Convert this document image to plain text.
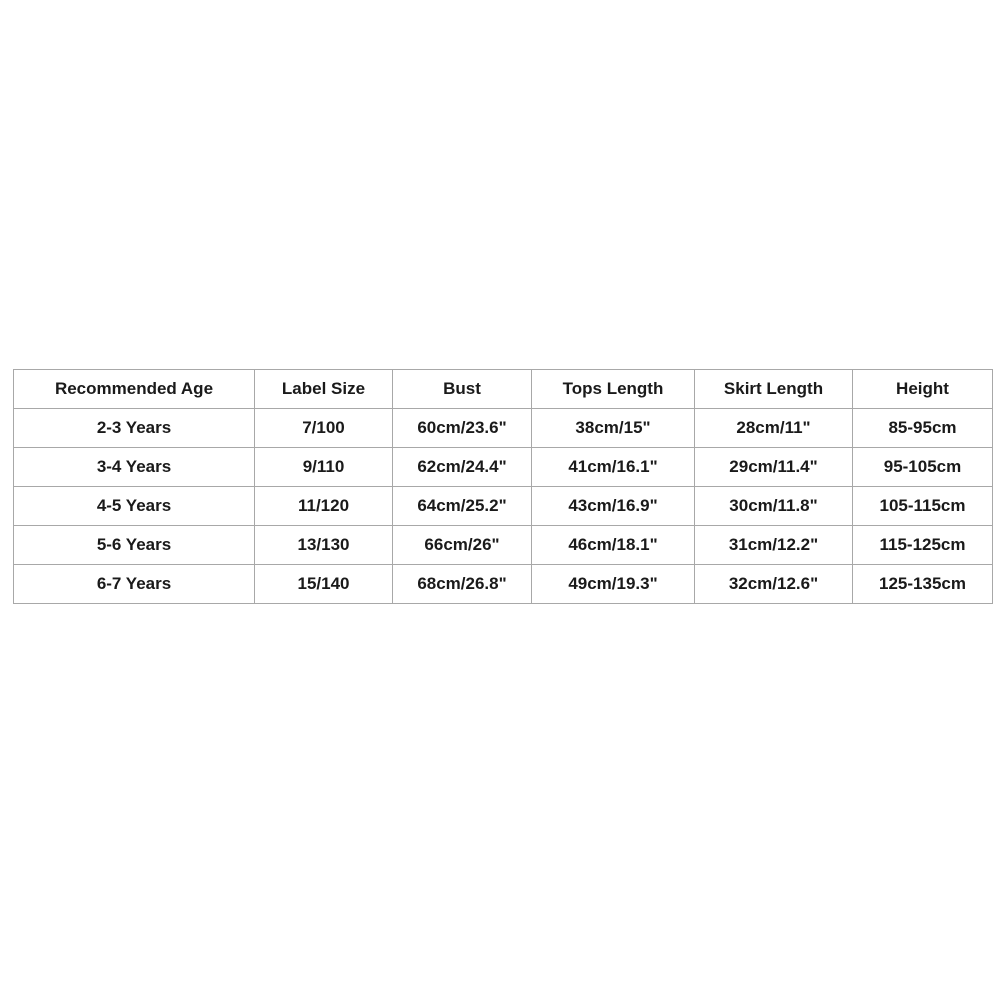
Recommended Age	Label Size	Bust	Tops Length	Skirt Length	Height
2-3 Years	7/100	60cm/23.6"	38cm/15"	28cm/11"	85-95cm
3-4 Years	9/110	62cm/24.4"	41cm/16.1"	29cm/11.4"	95-105cm
4-5 Years	11/120	64cm/25.2"	43cm/16.9"	30cm/11.8"	105-115cm
5-6 Years	13/130	66cm/26"	46cm/18.1"	31cm/12.2"	115-125cm
6-7 Years	15/140	68cm/26.8"	49cm/19.3"	32cm/12.6"	125-135cm
